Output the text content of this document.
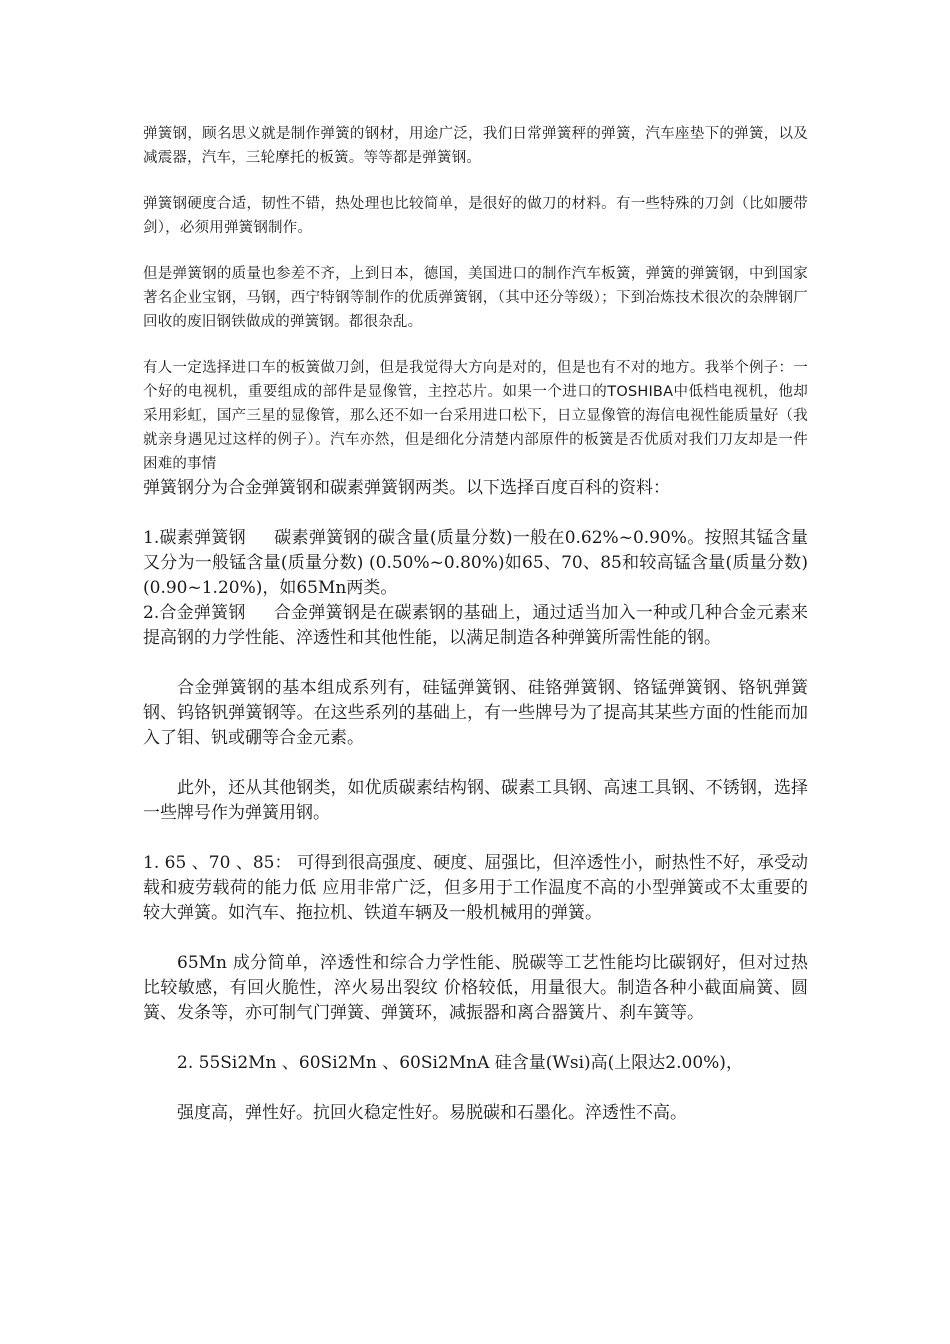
弹簧钢，顾名思义就是制作弹簧的钢材，用途广泛，我们日常弹簧秤的弹簧，汽车座垫下的弹簧，以及减震器，汽车，三轮摩托的板簧。等等都是弹簧钢。

弹簧钢硬度合适，韧性不错，热处理也比较简单，是很好的做刀的材料。有一些特殊的刀剑（比如腰带剑），必须用弹簧钢制作。

但是弹簧钢的质量也参差不齐，上到日本，德国，美国进口的制作汽车板簧，弹簧的弹簧钢，中到国家著名企业宝钢，马钢，西宁特钢等制作的优质弹簧钢，（其中还分等级）；下到冶炼技术很次的杂牌钢厂回收的废旧钢铁做成的弹簧钢。都很杂乱。

有人一定选择进口车的板簧做刀剑，但是我觉得大方向是对的，但是也有不对的地方。我举个例子：一个好的电视机，重要组成的部件是显像管，主控芯片。如果一个进口的TOSHIBA中低档电视机，他却采用彩虹，国产三星的显像管，那么还不如一台采用进口松下，日立显像管的海信电视性能质量好（我就亲身遇见过这样的例子）。汽车亦然，但是细化分清楚内部原件的板簧是否优质对我们刀友却是一件困难的事情

弹簧钢分为合金弹簧钢和碳素弹簧钢两类。以下选择百度百科的资料：

1.碳素弹簧钢 碳素弹簧钢的碳含量(质量分数)一般在0.62%~0.90%。按照其锰含量又分为一般锰含量(质量分数) (0.50%~0.80%)如65、70、85和较高锰含量(质量分数) (0.90~1.20%)，如65Mn两类。

2.合金弹簧钢 合金弹簧钢是在碳素钢的基础上，通过适当加入一种或几种合金元素来提高钢的力学性能、淬透性和其他性能，以满足制造各种弹簧所需性能的钢。

合金弹簧钢的基本组成系列有，硅锰弹簧钢、硅铬弹簧钢、铬锰弹簧钢、铬钒弹簧钢、钨铬钒弹簧钢等。在这些系列的基础上，有一些牌号为了提高其某些方面的性能而加入了钼、钒或硼等合金元素。

此外，还从其他钢类，如优质碳素结构钢、碳素工具钢、高速工具钢、不锈钢，选择一些牌号作为弹簧用钢。

1. 65 、70 、85： 可得到很高强度、硬度、屈强比，但淬透性小，耐热性不好，承受动载和疲劳载荷的能力低 应用非常广泛，但多用于工作温度不高的小型弹簧或不太重要的较大弹簧。如汽车、拖拉机、铁道车辆及一般机械用的弹簧。

65Mn 成分简单，淬透性和综合力学性能、脱碳等工艺性能均比碳钢好，但对过热比较敏感，有回火脆性，淬火易出裂纹 价格较低，用量很大。制造各种小截面扁簧、圆簧、发条等，亦可制气门弹簧、弹簧环，减振器和离合器簧片、刹车簧等。

2. 55Si2Mn 、60Si2Mn 、60Si2MnA 硅含量(Wsi)高(上限达2.00%)，

强度高，弹性好。抗回火稳定性好。易脱碳和石墨化。淬透性不高。
